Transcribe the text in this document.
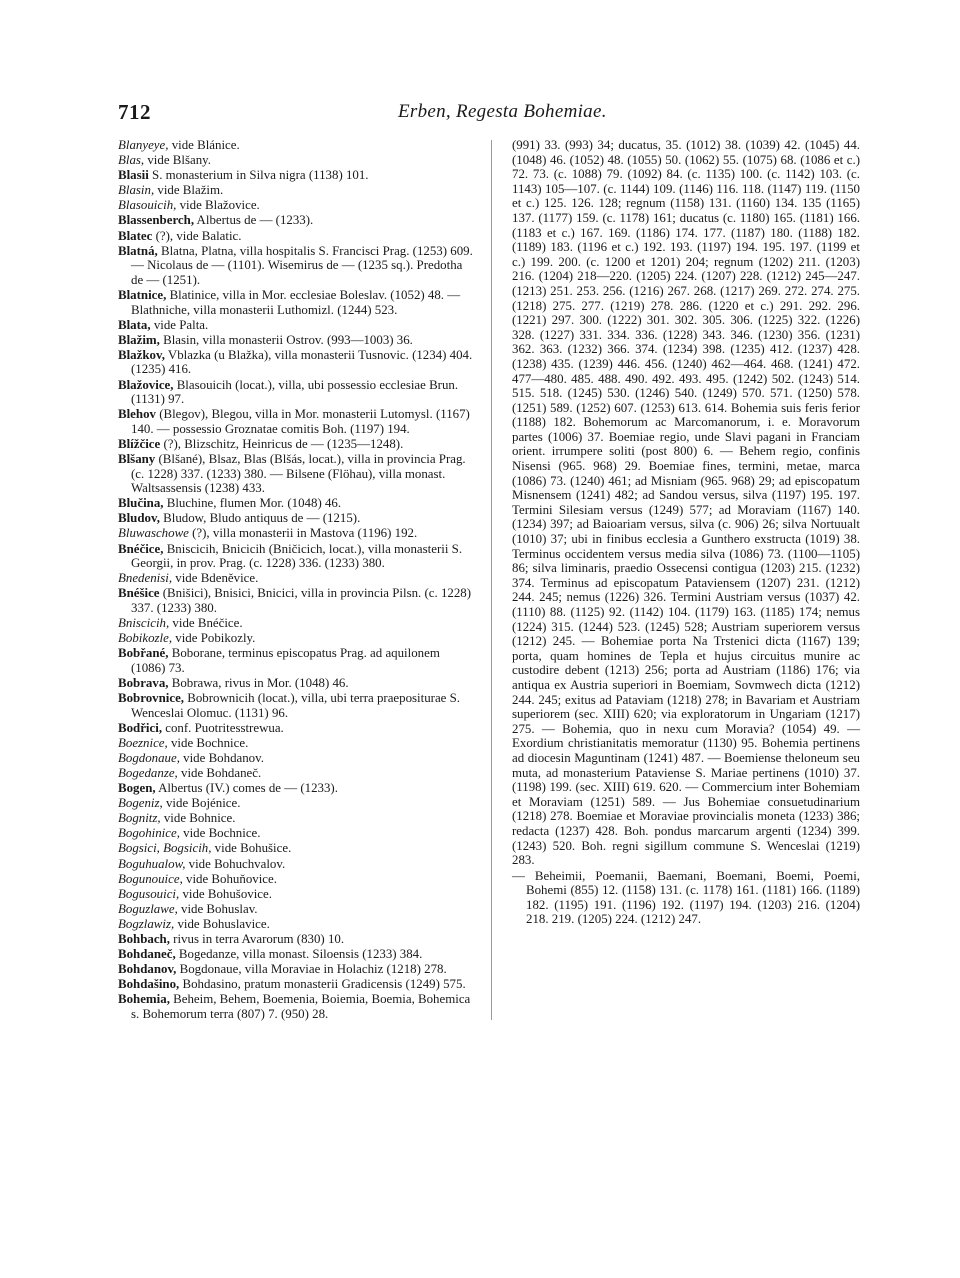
712	Erben, Regesta Bohemiae.
Blanyeye, vide Blánice.
Blas, vide Blšany.
Blasii S. monasterium in Silva nigra (1138) 101.
Blasin, vide Blažim.
Blasouicih, vide Blažovice.
Blassenberch, Albertus de — (1233).
Blatec (?), vide Balatic.
Blatná, Blatna, Platna, villa hospitalis S. Francisci Prag. (1253) 609. — Nicolaus de — (1101). Wisemirus de — (1235 sq.). Predotha de — (1251).
Blatnice, Blatinice, villa in Mor. ecclesiae Boleslav. (1052) 48. — Blathniche, villa monasterii Luthomizl. (1244) 523.
Blata, vide Palta.
Blažim, Blasin, villa monasterii Ostrov. (993—1003) 36.
Blažkov, Vblazka (u Blažka), villa monasterii Tusnovic. (1234) 404. (1235) 416.
Blažovice, Blasouicih (locat.), villa, ubi possessio ecclesiae Brun. (1131) 97.
Blehov (Blegov), Blegou, villa in Mor. monasterii Lutomysl. (1167) 140. — possessio Groznatae comitis Boh. (1197) 194.
Blížčice (?), Blizschitz, Heinricus de — (1235—1248).
Blšany (Blšané), Blsaz, Blas (Blšás, locat.), villa in provincia Prag. (c. 1228) 337. (1233) 380. — Bilsene (Flöhau), villa monast. Waltsassensis (1238) 433.
Blučina, Bluchine, flumen Mor. (1048) 46.
Bludov, Bludow, Bludo antiquus de — (1215).
Bluwaschowe (?), villa monasterii in Mastova (1196) 192.
Bnéčice, Bniscicih, Bnicicih (Bničicich, locat.), villa monasterii S. Georgii, in prov. Prag. (c. 1228) 336. (1233) 380.
Bnedenisi, vide Bdeněvice.
Bnéšice (Bnišici), Bnisici, Bnicici, villa in provincia Pilsn. (c. 1228) 337. (1233) 380.
Bniscicih, vide Bnéčice.
Bobikozle, vide Pobikozly.
Bobřané, Boborane, terminus episcopatus Prag. ad aquilonem (1086) 73.
Bobrava, Bobrawa, rivus in Mor. (1048) 46.
Bobrovnice, Bobrownicih (locat.), villa, ubi terra praepositurae S. Wenceslai Olomuc. (1131) 96.
Bodřici, conf. Puotritesstrewua.
Boeznice, vide Bochnice.
Bogdonaue, vide Bohdanov.
Bogedanze, vide Bohdaneč.
Bogen, Albertus (IV.) comes de — (1233).
Bogeniz, vide Bojénice.
Bognitz, vide Bohnice.
Bogohinice, vide Bochnice.
Bogsici, Bogsicih, vide Bohušice.
Boguhualow, vide Bohuchvalov.
Bogunouice, vide Bohuňovice.
Bogusouici, vide Bohušovice.
Boguzlawe, vide Bohuslav.
Bogzlawiz, vide Bohuslavice.
Bohbach, rivus in terra Avarorum (830) 10.
Bohdaneč, Bogedanze, villa monast. Siloensis (1233) 384.
Bohdanov, Bogdonaue, villa Moraviae in Holachiz (1218) 278.
Bohdašino, Bohdasino, pratum monasterii Gradicensis (1249) 575.
Bohemia, Beheim, Behem, Boemenia, Boiemia, Boemia, Bohemica s. Bohemorum terra (807) 7. (950) 28.
(991) 33. (993) 34; ducatus, 35. (1012) 38. (1039) 42. (1045) 44. (1048) 46. (1052) 48. (1055) 50. (1062) 55. (1075) 68. (1086 et c.) 72. 73. (c. 1088) 79. (1092) 84. (c. 1135) 100. (c. 1142) 103. (c. 1143) 105—107. (c. 1144) 109. (1146) 116. 118. (1147) 119. (1150 et c.) 125. 126. 128; regnum (1158) 131. (1160) 134. 135 (1165) 137. (1177) 159. (c. 1178) 161; ducatus (c. 1180) 165. (1181) 166. (1183 et c.) 167. 169. (1186) 174. 177. (1187) 180. (1188) 182. (1189) 183. (1196 et c.) 192. 193. (1197) 194. 195. 197. (1199 et c.) 199. 200. (c. 1200 et 1201) 204; regnum (1202) 211. (1203) 216. (1204) 218—220. (1205) 224. (1207) 228. (1212) 245—247. (1213) 251. 253. 256. (1216) 267. 268. (1217) 269. 272. 274. 275. (1218) 275. 277. (1219) 278. 286. (1220 et c.) 291. 292. 296. (1221) 297. 300. (1222) 301. 302. 305. 306. (1225) 322. (1226) 328. (1227) 331. 334. 336. (1228) 343. 346. (1230) 356. (1231) 362. 363. (1232) 366. 374. (1234) 398. (1235) 412. (1237) 428. (1238) 435. (1239) 446. 456. (1240) 462—464. 468. (1241) 472. 477—480. 485. 488. 490. 492. 493. 495. (1242) 502. (1243) 514. 515. 518. (1245) 530. (1246) 540. (1249) 570. 571. (1250) 578. (1251) 589. (1252) 607. (1253) 613. 614. Bohemia suis feris ferior (1188) 182. Bohemorum ac Marcomanorum, i. e. Moravorum partes (1006) 37. Boemiae regio, unde Slavi pagani in Franciam orient. irrumpere soliti (post 800) 6. — Behem regio, confinis Nisensi (965. 968) 29. Boemiae fines, termini, metae, marca (1086) 73. (1240) 461; ad Misniam (965. 968) 29; ad episcopatum Misnensem (1241) 482; ad Sandou versus, silva (1197) 195. 197. Termini Silesiam versus (1249) 577; ad Moraviam (1167) 140. (1234) 397; ad Baioariam versus, silva (c. 906) 26; silva Nortuualt (1010) 37; ubi in finibus ecclesia a Gunthero exstructa (1019) 38. Terminus occidentem versus media silva (1086) 73. (1100—1105) 86; silva liminaris, praedio Ossecensi contigua (1203) 215. (1232) 374. Terminus ad episcopatum Pataviensem (1207) 231. (1212) 244. 245; nemus (1226) 326. Termini Austriam versus (1037) 42. (1110) 88. (1125) 92. (1142) 104. (1179) 163. (1185) 174; nemus (1224) 315. (1244) 523. (1245) 528; Austriam superiorem versus (1212) 245. — Bohemiae porta Na Trstenici dicta (1167) 139; porta, quam homines de Tepla et hujus circuitus munire ac custodire debent (1213) 256; porta ad Austriam (1186) 176; via antiqua ex Austria superiori in Boemiam, Sovmwech dicta (1212) 244. 245; exitus ad Pataviam (1218) 278; in Bavariam et Austriam superiorem (sec. XIII) 620; via exploratorum in Ungariam (1217) 275. — Bohemia, quo in nexu cum Moravia? (1054) 49. — Exordium christianitatis memoratur (1130) 95. Bohemia pertinens ad diocesin Maguntinam (1241) 487. — Boemiense theloneum seu muta, ad monasterium Pataviense S. Mariae pertinens (1010) 37. (1198) 199. (sec. XIII) 619. 620. — Commercium inter Bohemiam et Moraviam (1251) 589. — Jus Bohemiae consuetudinarium (1218) 278. Boemiae et Moraviae provincialis moneta (1233) 386; redacta (1237) 428. Boh. pondus marcarum argenti (1234) 399. (1243) 520. Boh. regni sigillum commune S. Wenceslai (1219) 283.
— Beheimii, Poemanii, Baemani, Boemani, Boemi, Poemi, Bohemi (855) 12. (1158) 131. (c. 1178) 161. (1181) 166. (1189) 182. (1195) 191. (1196) 192. (1197) 194. (1203) 216. (1204) 218. 219. (1205) 224. (1212) 247.
